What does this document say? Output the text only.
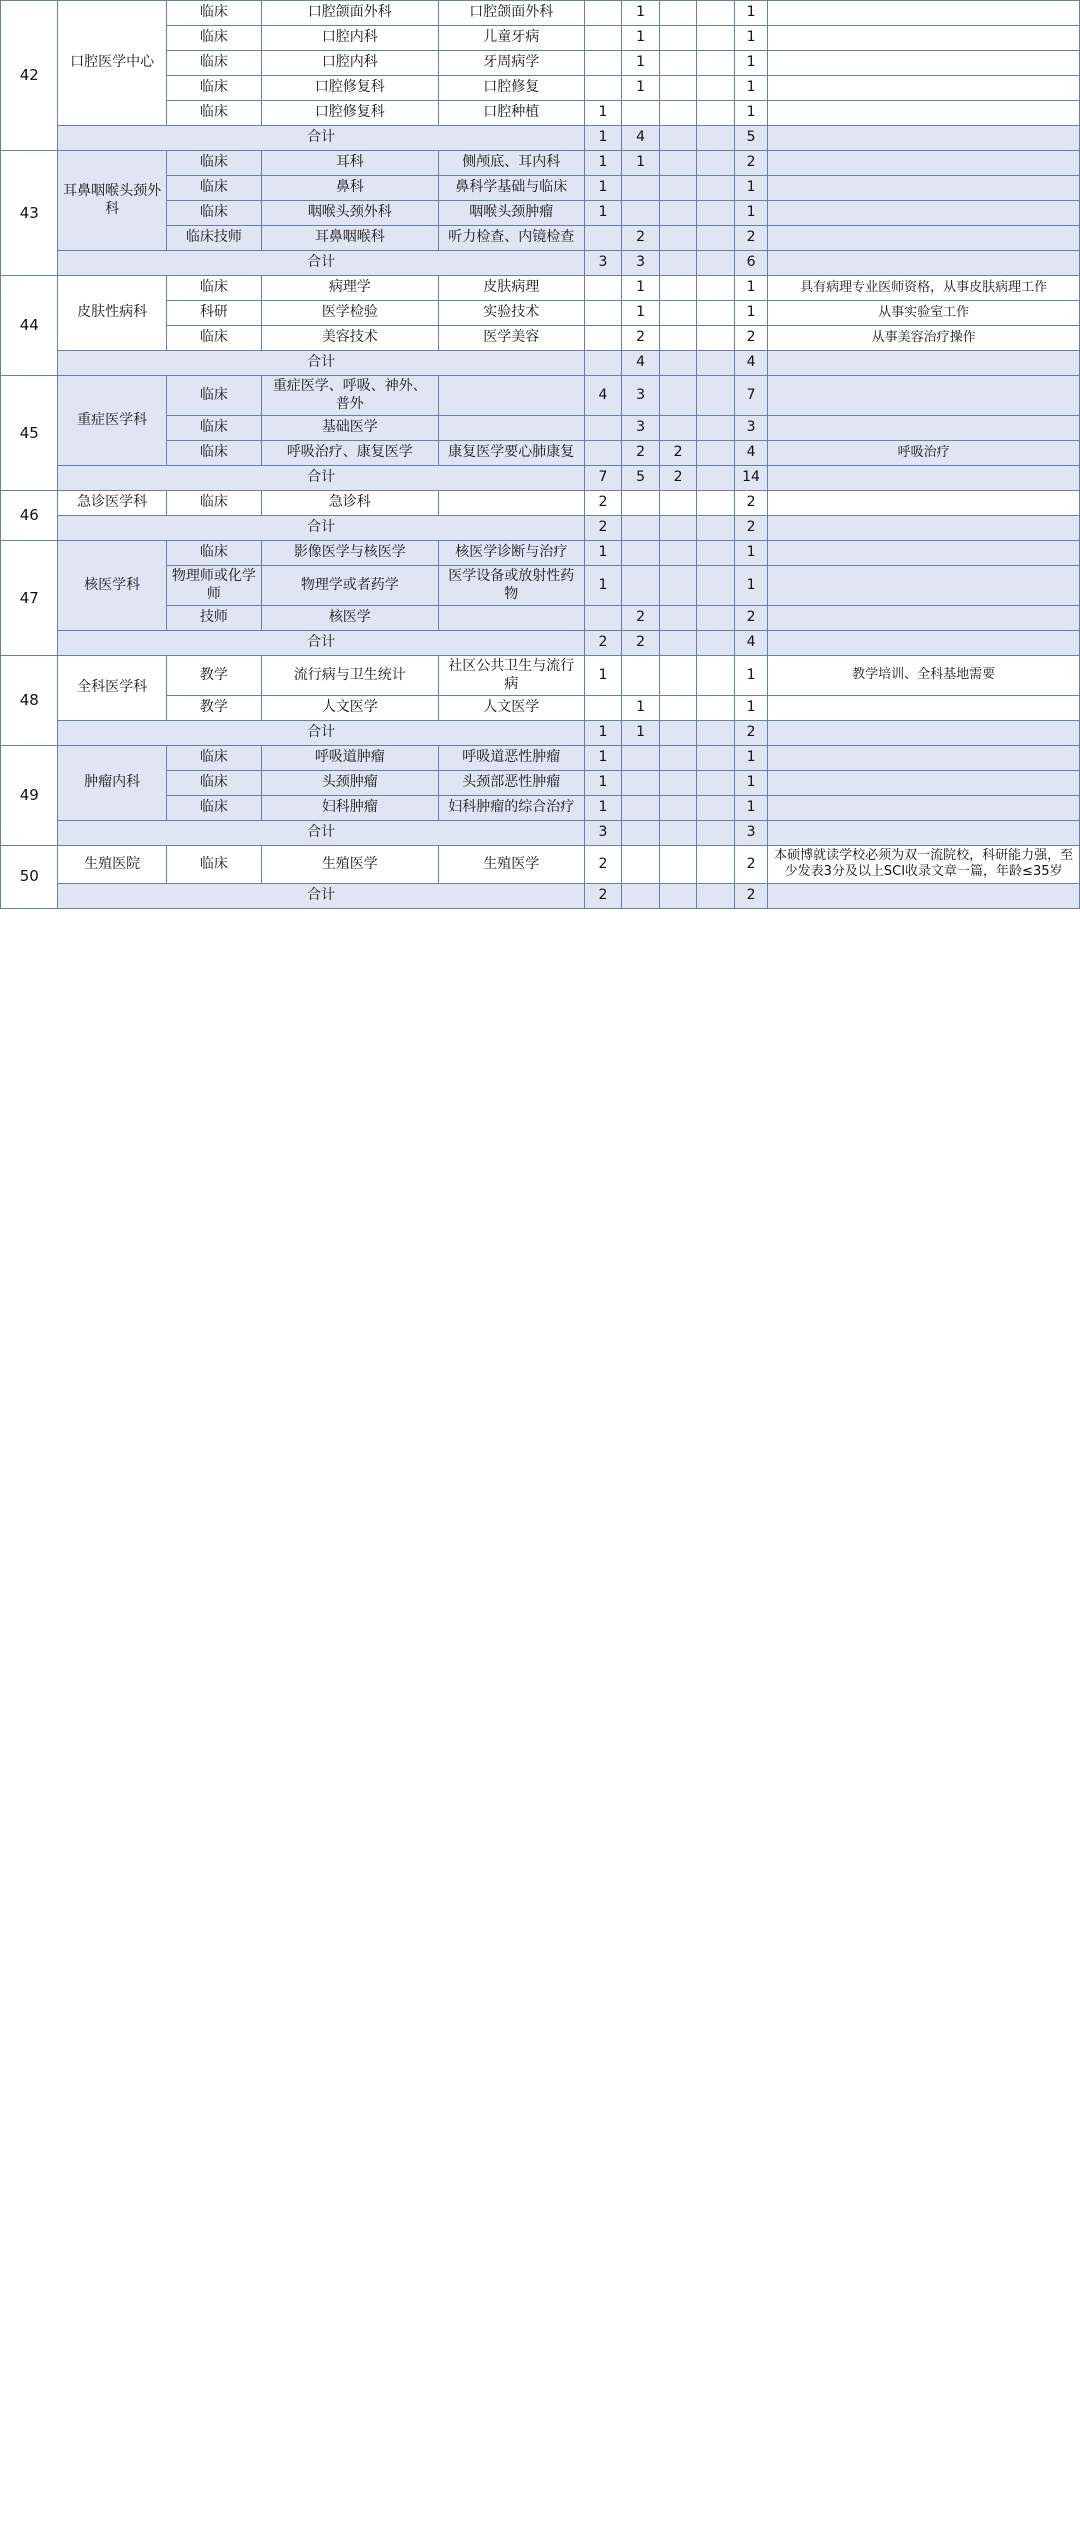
42	口腔医学中心	临床	口腔颌面外科	口腔颌面外科		1			1	
		临床	口腔内科	儿童牙病		1			1	
		临床	口腔内科	牙周病学		1			1	
		临床	口腔修复科	口腔修复		1			1	
		临床	口腔修复科	口腔种植	1				1	
	合计				1	4			5	
43	耳鼻咽喉头颈外科	临床	耳科	侧颅底、耳内科	1	1			2	
		临床	鼻科	鼻科学基础与临床	1				1	
		临床	咽喉头颈外科	咽喉头颈肿瘤	1				1	
		临床技师	耳鼻咽喉科	听力检查、内镜检查		2			2	
	合计				3	3			6	
44	皮肤性病科	临床	病理学	皮肤病理		1			1	具有病理专业医师资格，从事皮肤病理工作
		科研	医学检验	实验技术		1			1	从事实验室工作
		临床	美容技术	医学美容		2			2	从事美容治疗操作
	合计					4			4	
45	重症医学科	临床	重症医学、呼吸、神外、普外		4	3			7	
		临床	基础医学			3			3	
		临床	呼吸治疗、康复医学	康复医学要心肺康复		2	2		4	呼吸治疗
	合计				7	5	2		14	
46	急诊医学科	临床	急诊科		2				2	
	合计				2				2	
47	核医学科	临床	影像医学与核医学	核医学诊断与治疗	1				1	
		物理师或化学师	物理学或者药学	医学设备或放射性药物	1				1	
		技师	核医学			2			2	
	合计				2	2			4	
48	全科医学科	教学	流行病与卫生统计	社区公共卫生与流行病	1				1	教学培训、全科基地需要
		教学	人文医学	人文医学		1			1	
	合计				1	1			2	
49	肿瘤内科	临床	呼吸道肿瘤	呼吸道恶性肿瘤	1				1	
		临床	头颈肿瘤	头颈部恶性肿瘤	1				1	
		临床	妇科肿瘤	妇科肿瘤的综合治疗	1				1	
	合计				3				3	
50	生殖医院	临床	生殖医学	生殖医学	2				2	本硕博就读学校必须为双一流院校，科研能力强，至少发表3分及以上SCI收录文章一篇，年龄≤35岁
	合计				2				2	
